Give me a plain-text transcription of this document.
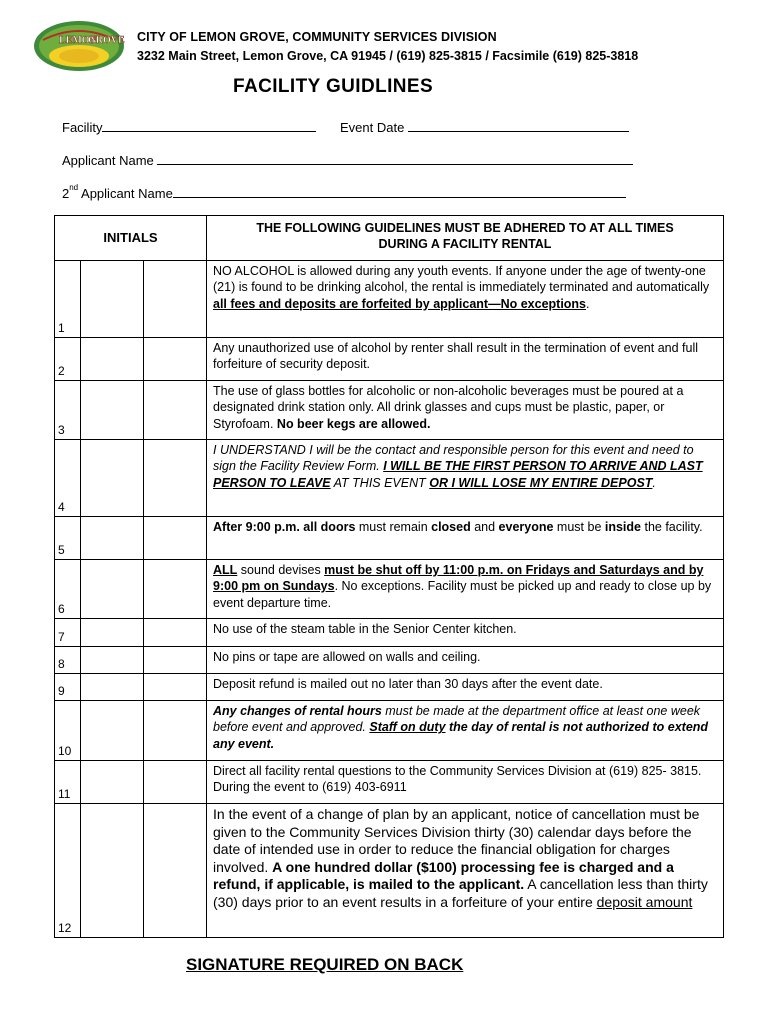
LEMON
GROVE CITY OF LEMON GROVE, COMMUNITY SERVICES DIVISION
3232 Main Street, Lemon Grove, CA 91945 / (619) 825-3815 / Facsimile (619) 825-3818
FACILITY GUIDLINES
Facility	Event Date
Applicant Name
2nd Applicant Name
INITIALS			THE FOLLOWING GUIDELINES MUST BE ADHERED TO AT ALL TIMES
DURING A FACILITY RENTAL

1			NO ALCOHOL is allowed during any youth events. If anyone under the age of twenty-one (21) is found to be drinking alcohol, the rental is immediately terminated and automatically all fees and deposits are forfeited by applicant—No exceptions.

2			Any unauthorized use of alcohol by renter shall result in the termination of event and full forfeiture of security deposit.

3			The use of glass bottles for alcoholic or non-alcoholic beverages must be poured at a designated drink station only. All drink glasses and cups must be plastic, paper, or Styrofoam. No beer kegs are allowed.

4			I UNDERSTAND I will be the contact and responsible person for this event and need to sign the Facility Review Form. I WILL BE THE FIRST PERSON TO ARRIVE AND LAST PERSON TO LEAVE AT THIS EVENT OR I WILL LOSE MY ENTIRE DEPOST.

5			After 9:00 p.m. all doors must remain closed and everyone must be inside the facility.

6			ALL sound devises must be shut off by 11:00 p.m. on Fridays and Saturdays and by 9:00 pm on Sundays. No exceptions. Facility must be picked up and ready to close up by event departure time.

7			No use of the steam table in the Senior Center kitchen.

8			No pins or tape are allowed on walls and ceiling.

9			Deposit refund is mailed out no later than 30 days after the event date.

10			Any changes of rental hours must be made at the department office at least one week before event and approved. Staff on duty the day of rental is not authorized to extend any event.

11			Direct all facility rental questions to the Community Services Division at (619) 825- 3815. During the event to (619) 403-6911

12			In the event of a change of plan by an applicant, notice of cancellation must be given to the Community Services Division thirty (30) calendar days before the date of intended use in order to reduce the financial obligation for charges involved. A one hundred dollar ($100) processing fee is charged and a refund, if applicable, is mailed to the applicant. A cancellation less than thirty (30) days prior to an event results in a forfeiture of your entire deposit amount
SIGNATURE REQUIRED ON BACK
